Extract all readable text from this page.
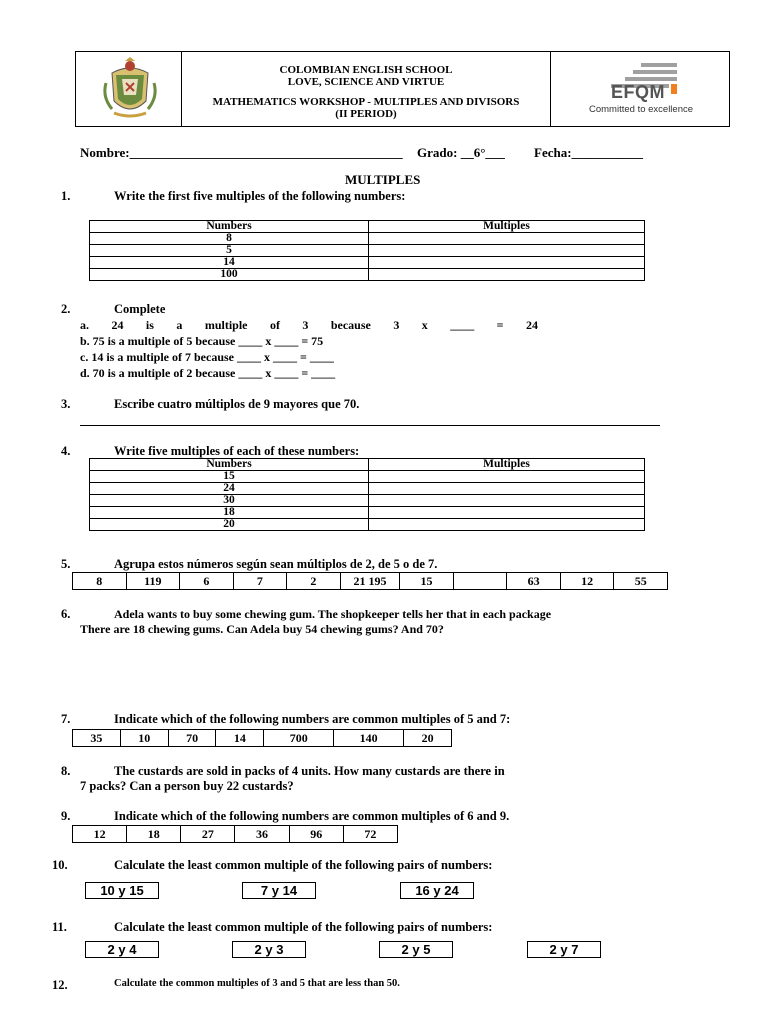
COLOMBIAN ENGLISH SCHOOL
LOVE, SCIENCE AND VIRTUE
MATHEMATICS WORKSHOP - MULTIPLES AND DIVISORS
(II PERIOD)
EFQM
Committed to excellence
Nombre:__________________________________________ Grado: __6°___ Fecha:___________
MULTIPLES
1.	Write the first five multiples of the following numbers:
Numbers	Multiples
8	
5	
14	
100	
2.	Complete
a. 24 is a multiple of 3 because 3 x ____ = 24
b. 75 is a multiple of 5 because ____ x ____ = 75
c. 14 is a multiple of 7 because ____ x ____ = ____
d. 70 is a multiple of 2 because ____ x ____ = ____
3.	Escribe cuatro múltiplos de 9 mayores que 70.
4.	Write five multiples of each of these numbers:
Numbers	Multiples
15	
24	
30	
18	
20	
5.	Agrupa estos números según sean múltiplos de 2, de 5 o de 7.
8	119	6	7	2	21 195	15		63	12	55
6.	Adela wants to buy some chewing gum. The shopkeeper tells her that in each package
There are 18 chewing gums. Can Adela buy 54 chewing gums? And 70?
7.	Indicate which of the following numbers are common multiples of 5 and 7:
35	10	70	14	700	140	20
8.	The custards are sold in packs of 4 units. How many custards are there in
7 packs? Can a person buy 22 custards?
9.	Indicate which of the following numbers are common multiples of 6 and 9.
12	18	27	36	96	72
10.	Calculate the least common multiple of the following pairs of numbers:
10 y 15	7 y 14	16 y 24
11.	Calculate the least common multiple of the following pairs of numbers:
2 y 4	2 y 3	2 y 5	2 y 7
12.	Calculate the common multiples of 3 and 5 that are less than 50.
